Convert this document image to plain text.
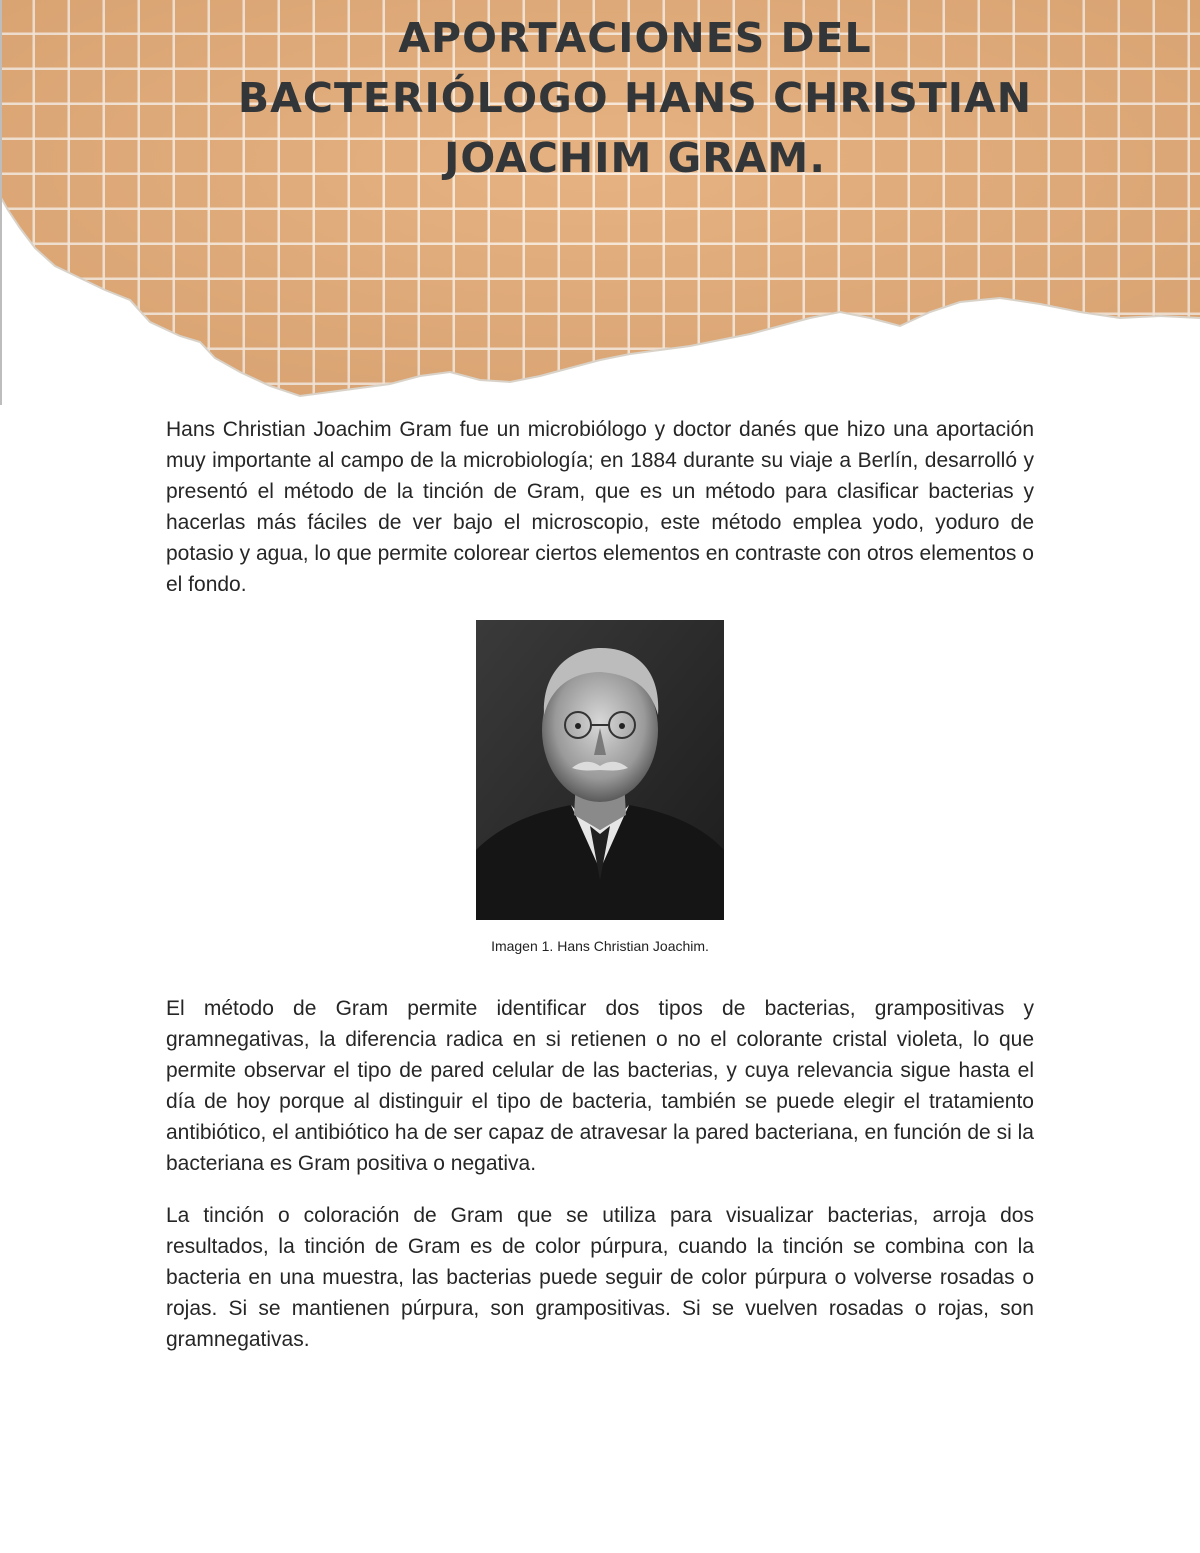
APORTACIONES DEL
BACTERIÓLOGO HANS CHRISTIAN
JOACHIM GRAM.

Hans Christian Joachim Gram fue un microbiólogo y doctor danés que hizo una aportación muy importante al campo de la microbiología; en 1884 durante su viaje a Berlín, desarrolló y presentó el método de la tinción de Gram, que es un método para clasificar bacterias y hacerlas más fáciles de ver bajo el microscopio, este método emplea yodo, yoduro de potasio y agua, lo que permite colorear ciertos elementos en contraste con otros elementos o el fondo.

Imagen 1. Hans Christian Joachim.

El método de Gram permite identificar dos tipos de bacterias, grampositivas y gramnegativas, la diferencia radica en si retienen o no el colorante cristal violeta, lo que permite observar el tipo de pared celular de las bacterias, y cuya relevancia sigue hasta el día de hoy porque al distinguir el tipo de bacteria, también se puede elegir el tratamiento antibiótico, el antibiótico ha de ser capaz de atravesar la pared bacteriana, en función de si la bacteriana es Gram positiva o negativa.

La tinción o coloración de Gram que se utiliza para visualizar bacterias, arroja dos resultados, la tinción de Gram es de color púrpura, cuando la tinción se combina con la bacteria en una muestra, las bacterias puede seguir de color púrpura o volverse rosadas o rojas. Si se mantienen púrpura, son grampositivas. Si se vuelven rosadas o rojas, son gramnegativas.
